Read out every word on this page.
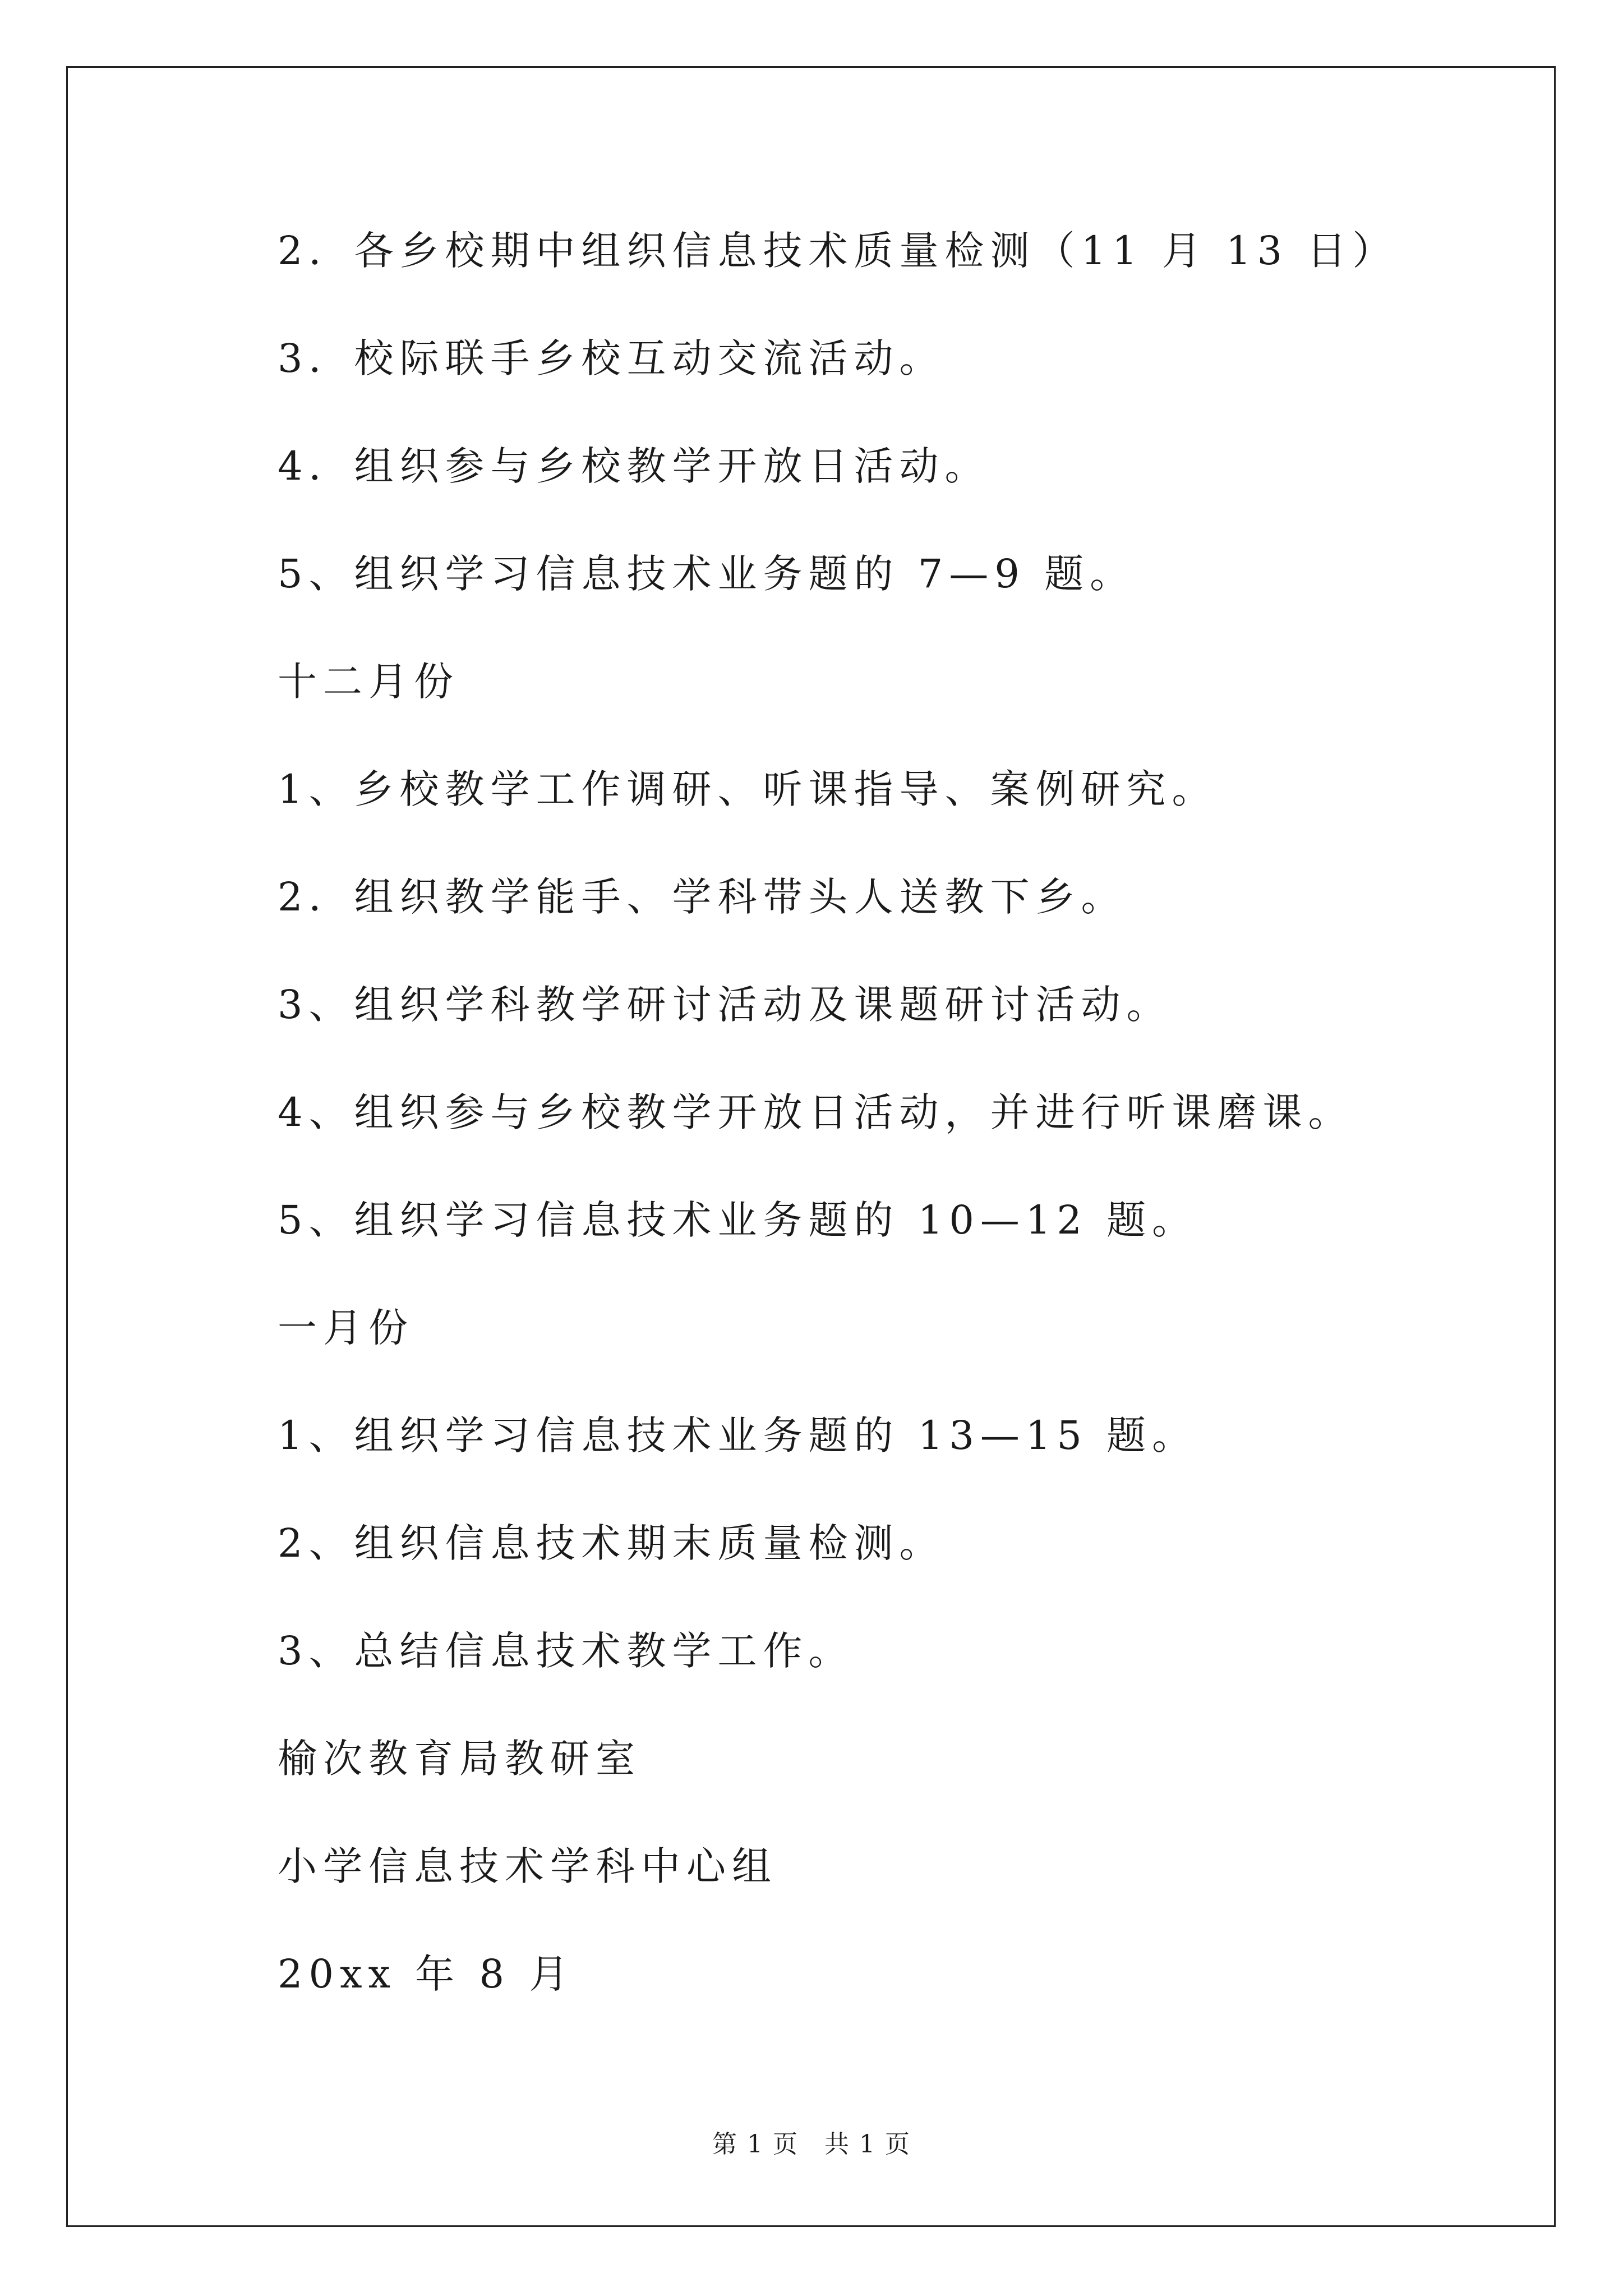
2．各乡校期中组织信息技术质量检测（11 月 13 日）
3．校际联手乡校互动交流活动。
4．组织参与乡校教学开放日活动。
5、组织学习信息技术业务题的 7—9 题。
十二月份
1、乡校教学工作调研、听课指导、案例研究。
2．组织教学能手、学科带头人送教下乡。
3、组织学科教学研讨活动及课题研讨活动。
4、组织参与乡校教学开放日活动，并进行听课磨课。
5、组织学习信息技术业务题的 10—12 题。
一月份
1、组织学习信息技术业务题的 13—15 题。
2、组织信息技术期末质量检测。
3、总结信息技术教学工作。
榆次教育局教研室
小学信息技术学科中心组
20xx 年 8 月
第 1 页　共 1 页
